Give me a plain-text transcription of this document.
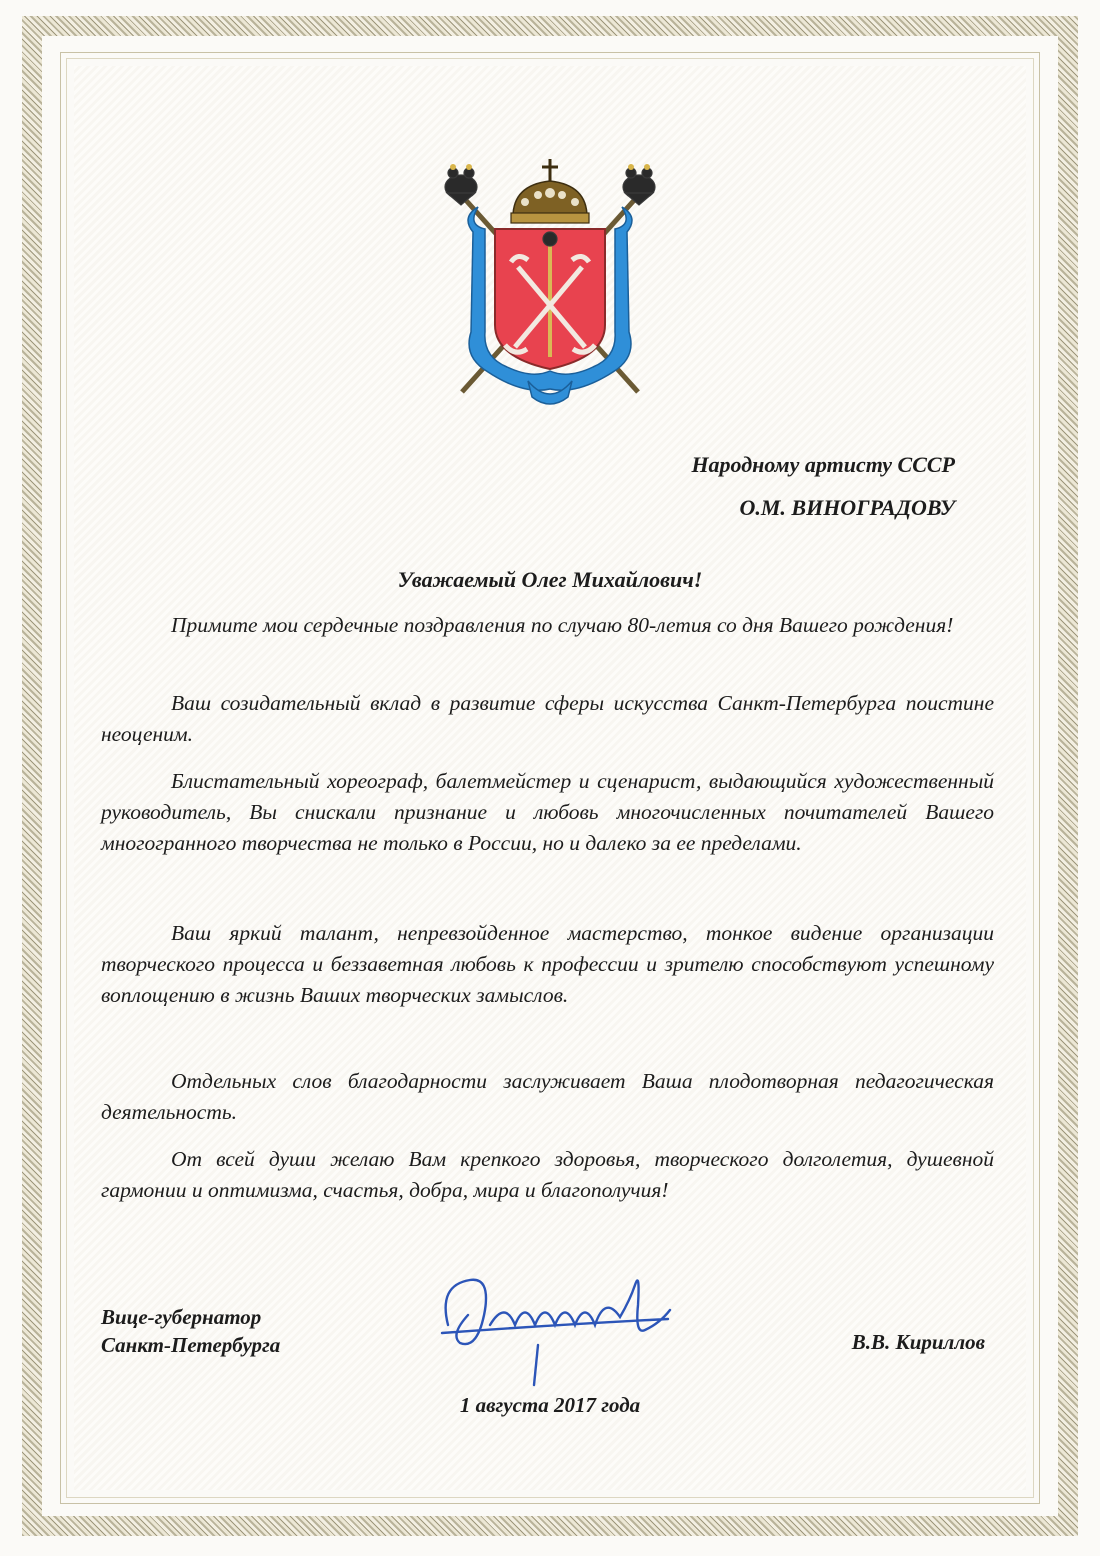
Народному артисту СССР
О.М. ВИНОГРАДОВУ
Уважаемый Олег Михайлович!

Примите мои сердечные поздравления по случаю 80-летия со дня Вашего рождения!

Ваш созидательный вклад в развитие сферы искусства Санкт-Петербурга поистине неоценим.

Блистательный хореограф, балетмейстер и сценарист, выдающийся художественный руководитель, Вы снискали признание и любовь многочисленных почитателей Вашего многогранного творчества не только в России, но и далеко за ее пределами.

Ваш яркий талант, непревзойденное мастерство, тонкое видение организации творческого процесса и беззаветная любовь к профессии и зрителю способствуют успешному воплощению в жизнь Ваших творческих замыслов.

Отдельных слов благодарности заслуживает Ваша плодотворная педагогическая деятельность.

От всей души желаю Вам крепкого здоровья, творческого долголетия, душевной гармонии и оптимизма, счастья, добра, мира и благополучия!

Вице-губернатор
Санкт-Петербурга	В.В. Кириллов
1 августа 2017 года
